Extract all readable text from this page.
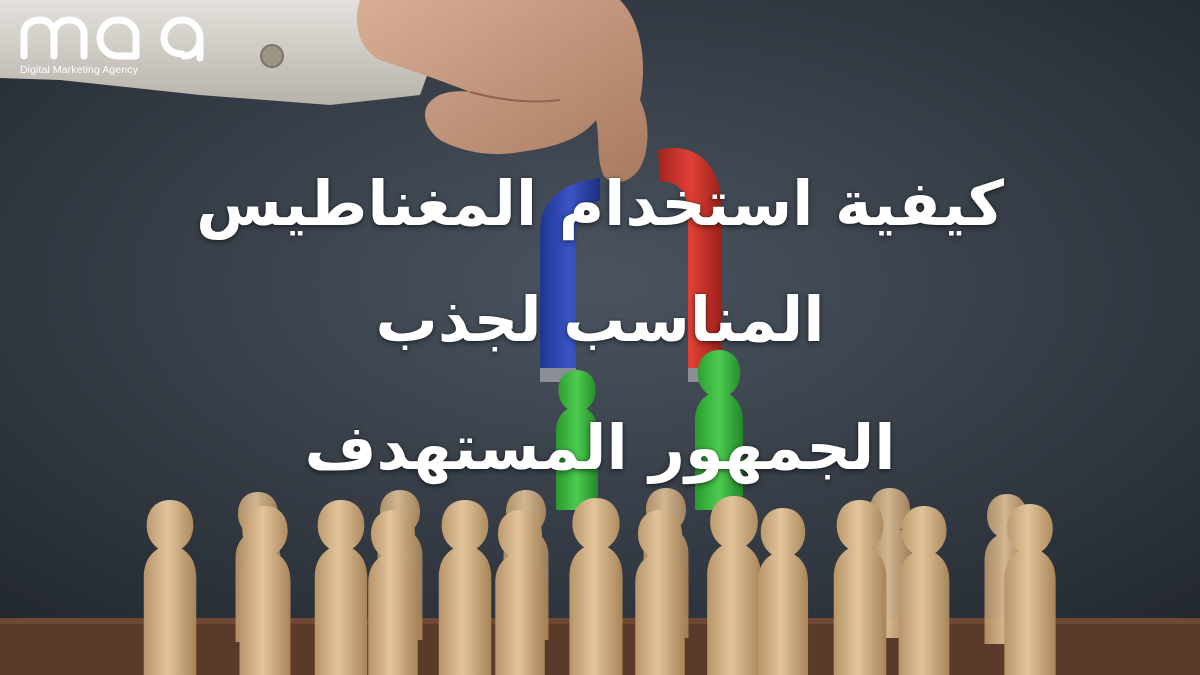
Digital Marketing Agency
كيفية استخدام المغناطيس
المناسب لجذب
الجمهور المستهدف
